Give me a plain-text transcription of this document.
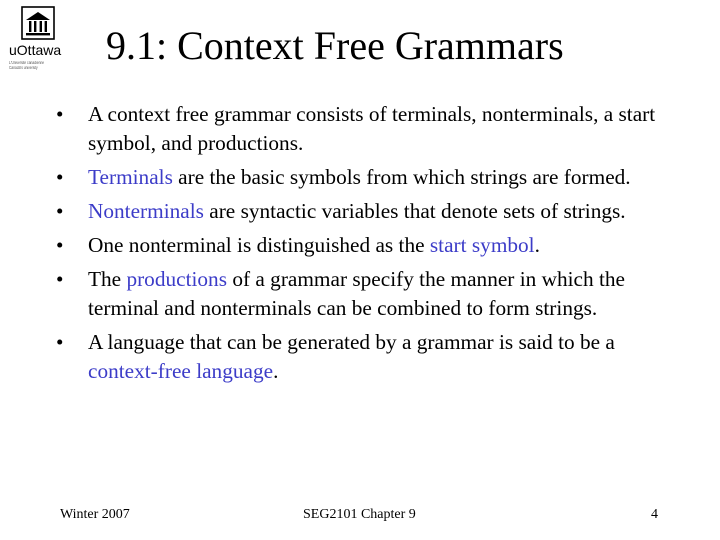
uOttawa
L'Université canadienne
Canada's university
9.1: Context Free Grammars
• A context free grammar consists of terminals, nonterminals, a start symbol, and productions.
• Terminals are the basic symbols from which strings are formed.
• Nonterminals are syntactic variables that denote sets of strings.
• One nonterminal is distinguished as the start symbol.
• The productions of a grammar specify the manner in which the terminal and nonterminals can be combined to form strings.
• A language that can be generated by a grammar is said to be a context-free language.
Winter 2007	SEG2101 Chapter 9	4
